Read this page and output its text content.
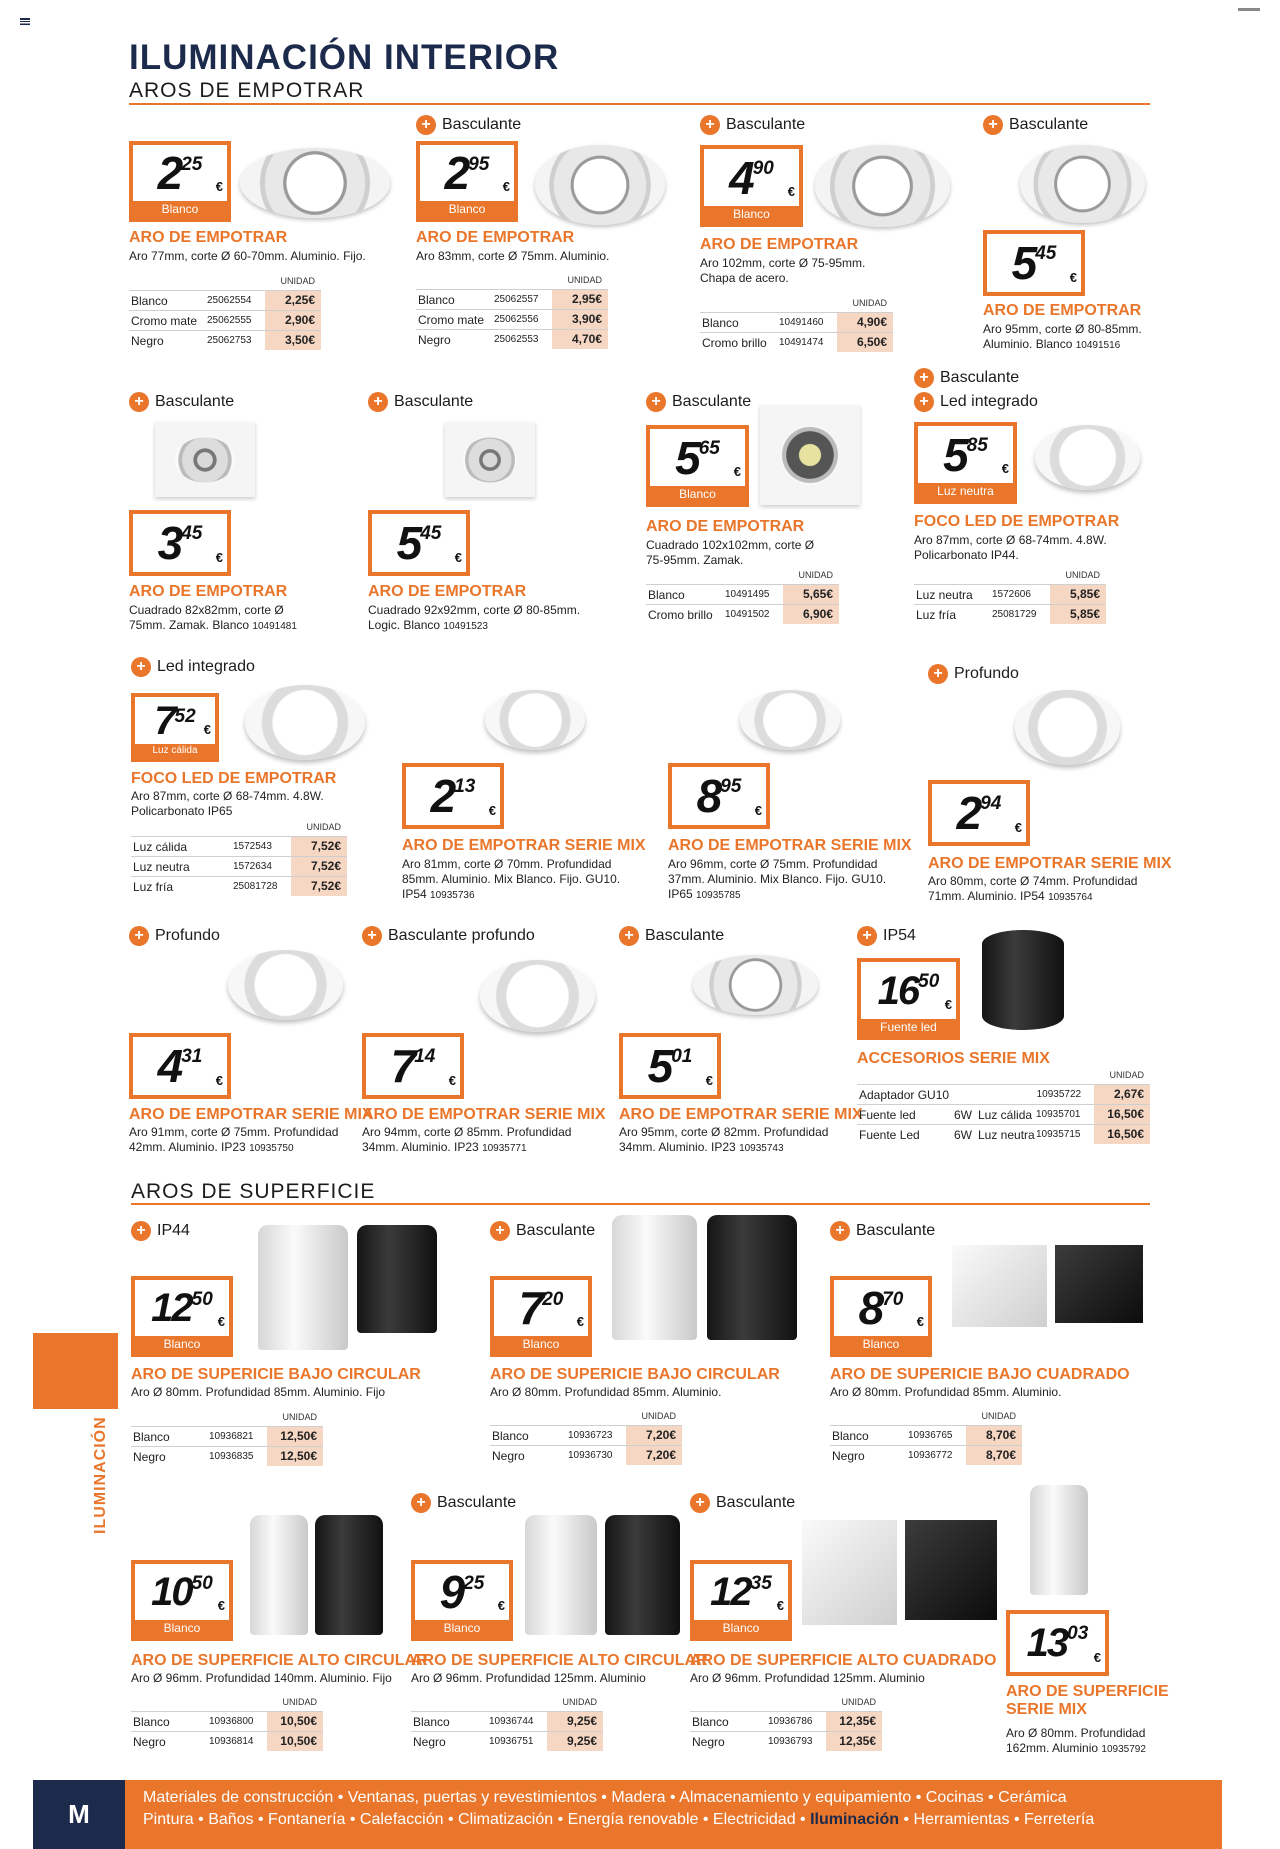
ILUMINACIÓN INTERIOR
AROS DE EMPOTRAR
ILUMINACIÓN
2 25
€
Blanco
ARO DE EMPOTRAR
Aro 77mm, corte Ø 60-70mm. Aluminio. Fijo.
UNIDAD
Blanco	25062554	2,25€
Cromo mate 25062555	2,90€
Negro	25062753	3,50€
+ Basculante
2 95
€
Blanco
ARO DE EMPOTRAR
Aro 83mm, corte Ø 75mm. Aluminio.
UNIDAD
Blanco	25062557	2,95€
Cromo mate 25062556	3,90€
Negro	25062553	4,70€
+ Basculante
4 90
€
Blanco
ARO DE EMPOTRAR
Aro 102mm, corte Ø 75-95mm.
Chapa de acero.
UNIDAD
Blanco	10491460	4,90€
Cromo brillo	10491474	6,50€
+ Basculante
5 45
€
ARO DE EMPOTRAR
Aro 95mm, corte Ø 80-85mm.
Aluminio. Blanco 10491516
+ Basculante
3 45
€
ARO DE EMPOTRAR
Cuadrado 82x82mm, corte Ø
75mm. Zamak. Blanco 10491481
+ Basculante
5 45
€
ARO DE EMPOTRAR
Cuadrado 92x92mm, corte Ø 80-85mm.
Logic. Blanco 10491523
+ Basculante
5 65
€
Blanco
ARO DE EMPOTRAR
Cuadrado 102x102mm, corte Ø
75-95mm. Zamak.
UNIDAD
Blanco	10491495	5,65€
Cromo brillo	10491502	6,90€
+ Basculante
+ Led integrado
5 85
€
Luz neutra
FOCO LED DE EMPOTRAR
Aro 87mm, corte Ø 68-74mm. 4.8W.
Policarbonato IP44.
UNIDAD
Luz neutra	1572606	5,85€
Luz fría	25081729	5,85€
+ Led integrado
7 52
€
Luz cálida
FOCO LED DE EMPOTRAR
Aro 87mm, corte Ø 68-74mm. 4.8W.
Policarbonato IP65
UNIDAD
Luz cálida	1572543	7,52€
Luz neutra	1572634	7,52€
Luz fría	25081728	7,52€
2 13
€
ARO DE EMPOTRAR SERIE MIX
Aro 81mm, corte Ø 70mm. Profundidad
85mm. Aluminio. Mix Blanco. Fijo. GU10.
IP54 10935736
8 95
€
ARO DE EMPOTRAR SERIE MIX
Aro 96mm, corte Ø 75mm. Profundidad
37mm. Aluminio. Mix Blanco. Fijo. GU10.
IP65 10935785
+ Profundo
2 94
€
ARO DE EMPOTRAR SERIE MIX
Aro 80mm, corte Ø 74mm. Profundidad
71mm. Aluminio. IP54 10935764
+ Profundo
4 31
€
ARO DE EMPOTRAR SERIE MIX
Aro 91mm, corte Ø 75mm. Profundidad
42mm. Aluminio. IP23 10935750
+ Basculante profundo
7 14
€
ARO DE EMPOTRAR SERIE MIX
Aro 94mm, corte Ø 85mm. Profundidad
34mm. Aluminio. IP23 10935771
+ Basculante
5 01
€
ARO DE EMPOTRAR SERIE MIX
Aro 95mm, corte Ø 82mm. Profundidad
34mm. Aluminio. IP23 10935743
+ IP54
16 50
€
Fuente led
ACCESORIOS SERIE MIX
UNIDAD
Adaptador GU10	10935722	2,67€
Fuente led	6W Luz cálida 10935701	16,50€
Fuente Led	6W Luz neutra 10935715	16,50€
AROS DE SUPERFICIE
+ IP44
12 50
€
Blanco
ARO DE SUPERICIE BAJO CIRCULAR
Aro Ø 80mm. Profundidad 85mm. Aluminio. Fijo
UNIDAD
Blanco	10936821	12,50€
Negro	10936835	12,50€
+ Basculante
7 20
€
Blanco
ARO DE SUPERICIE BAJO CIRCULAR
Aro Ø 80mm. Profundidad 85mm. Aluminio.
UNIDAD
Blanco	10936723	7,20€
Negro	10936730	7,20€
+ Basculante
8 70
€
Blanco
ARO DE SUPERICIE BAJO CUADRADO
Aro Ø 80mm. Profundidad 85mm. Aluminio.
UNIDAD
Blanco	10936765	8,70€
Negro	10936772	8,70€
10 50
€
Blanco
ARO DE SUPERFICIE ALTO CIRCULAR
Aro Ø 96mm. Profundidad 140mm. Aluminio. Fijo
UNIDAD
Blanco	10936800	10,50€
Negro	10936814	10,50€
+ Basculante
9 25
€
Blanco
ARO DE SUPERFICIE ALTO CIRCULAR
Aro Ø 96mm. Profundidad 125mm. Aluminio
UNIDAD
Blanco	10936744	9,25€
Negro	10936751	9,25€
+ Basculante
12 35
€
Blanco
ARO DE SUPERFICIE ALTO CUADRADO
Aro Ø 96mm. Profundidad 125mm. Aluminio
UNIDAD
Blanco	10936786	12,35€
Negro	10936793	12,35€
13 03
€
ARO DE SUPERFICIE
SERIE MIX
Aro Ø 80mm. Profundidad
162mm. Aluminio 10935792
M
Materiales de construcción • Ventanas, puertas y revestimientos • Madera • Almacenamiento y equipamiento • Cocinas • Cerámica
Pintura • Baños • Fontanería • Calefacción • Climatización • Energía renovable • Electricidad • Iluminación • Herramientas • Ferretería
